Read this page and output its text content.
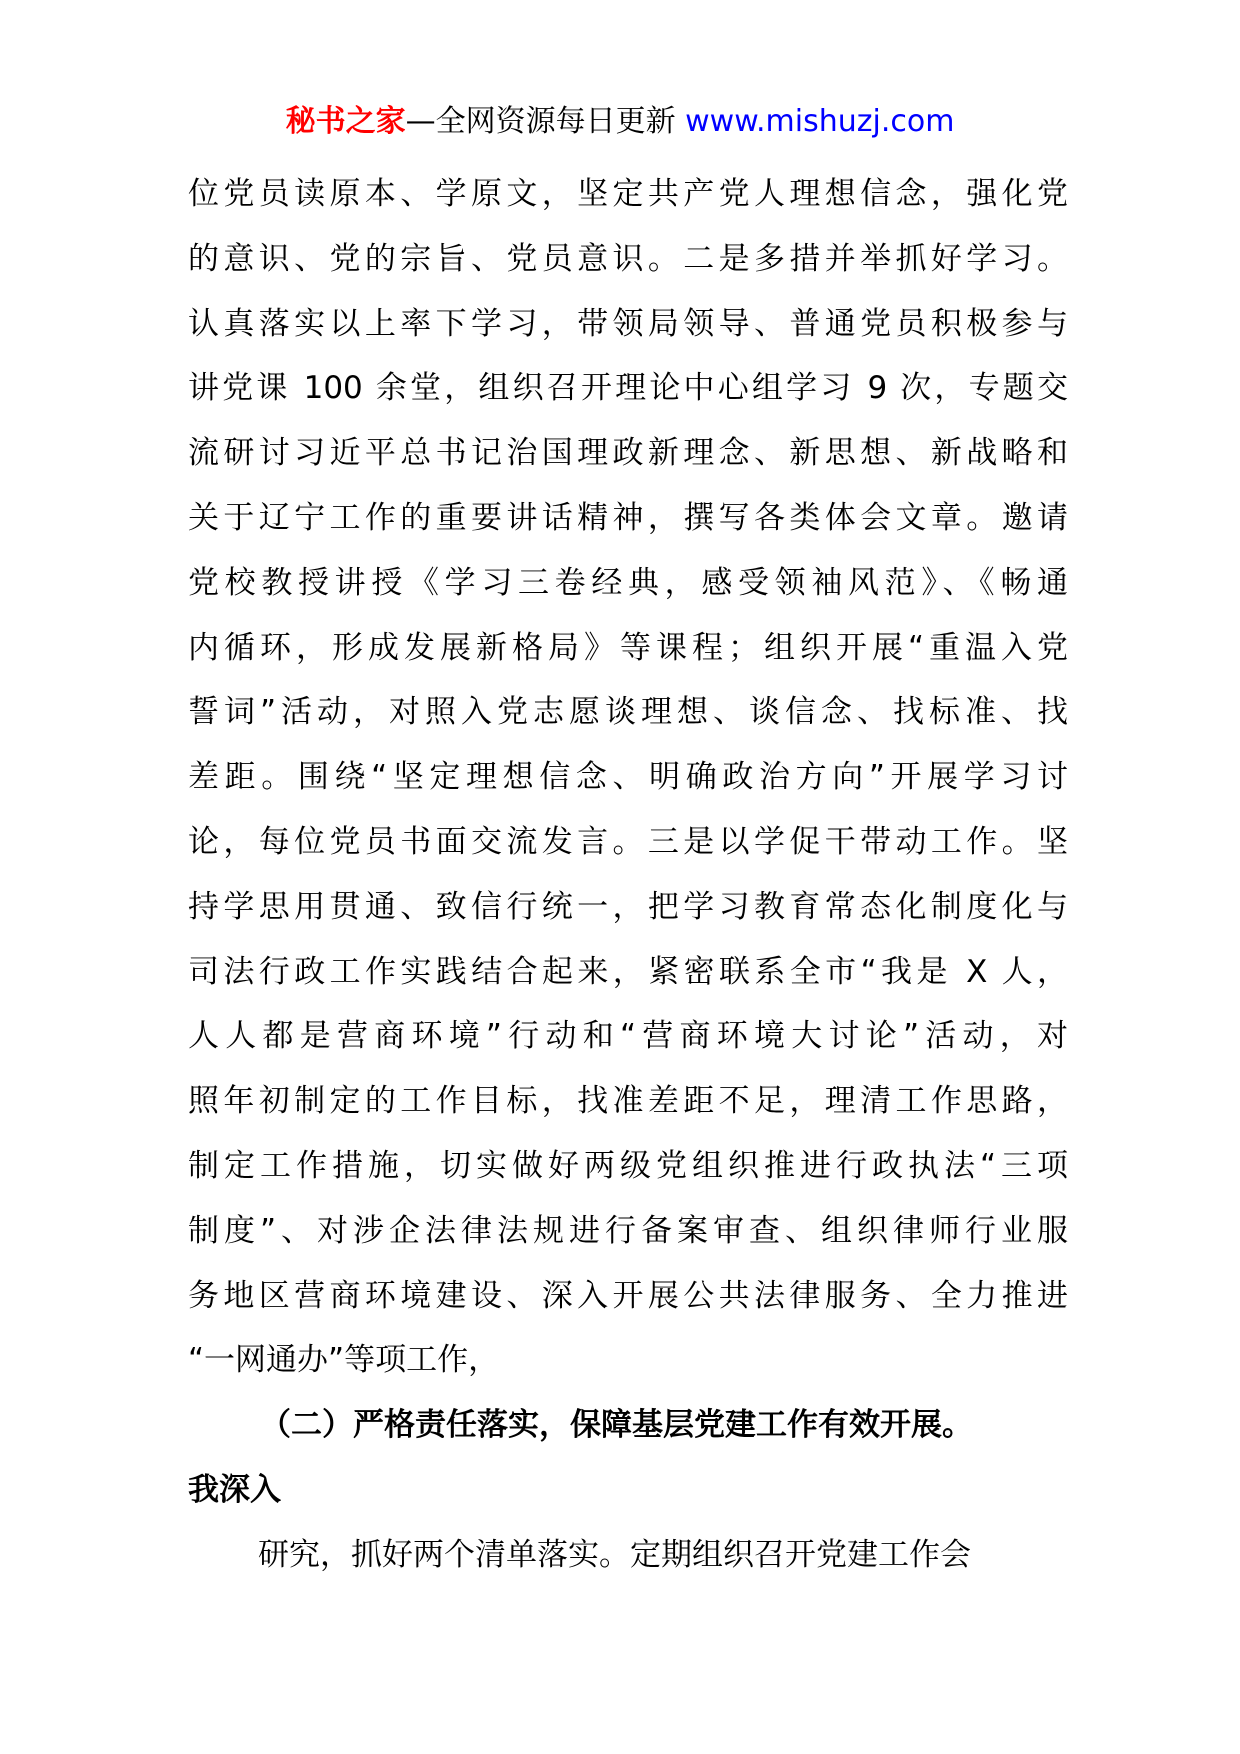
秘书之家—全网资源每日更新 www.mishuzj.com
位党员读原本、学原文，坚定共产党人理想信念，强化党
的意识、党的宗旨、党员意识。二是多措并举抓好学习。
认真落实以上率下学习，带领局领导、普通党员积极参与
讲党课 100 余堂，组织召开理论中心组学习 9 次，专题交
流研讨习近平总书记治国理政新理念、新思想、新战略和
关于辽宁工作的重要讲话精神，撰写各类体会文章。邀请
党校教授讲授《学习三卷经典，感受领袖风范》、《畅通
内循环，形成发展新格局》等课程；组织开展“重温入党
誓词”活动，对照入党志愿谈理想、谈信念、找标准、找
差距。围绕“坚定理想信念、明确政治方向”开展学习讨
论，每位党员书面交流发言。三是以学促干带动工作。坚
持学思用贯通、致信行统一，把学习教育常态化制度化与
司法行政工作实践结合起来，紧密联系全市“我是 X 人，
人人都是营商环境”行动和“营商环境大讨论”活动，对
照年初制定的工作目标，找准差距不足，理清工作思路，
制定工作措施，切实做好两级党组织推进行政执法“三项
制度”、对涉企法律法规进行备案审查、组织律师行业服
务地区营商环境建设、深入开展公共法律服务、全力推进
“一网通办”等项工作，
（二）严格责任落实，保障基层党建工作有效开展。
我深入
研究，抓好两个清单落实。定期组织召开党建工作会
